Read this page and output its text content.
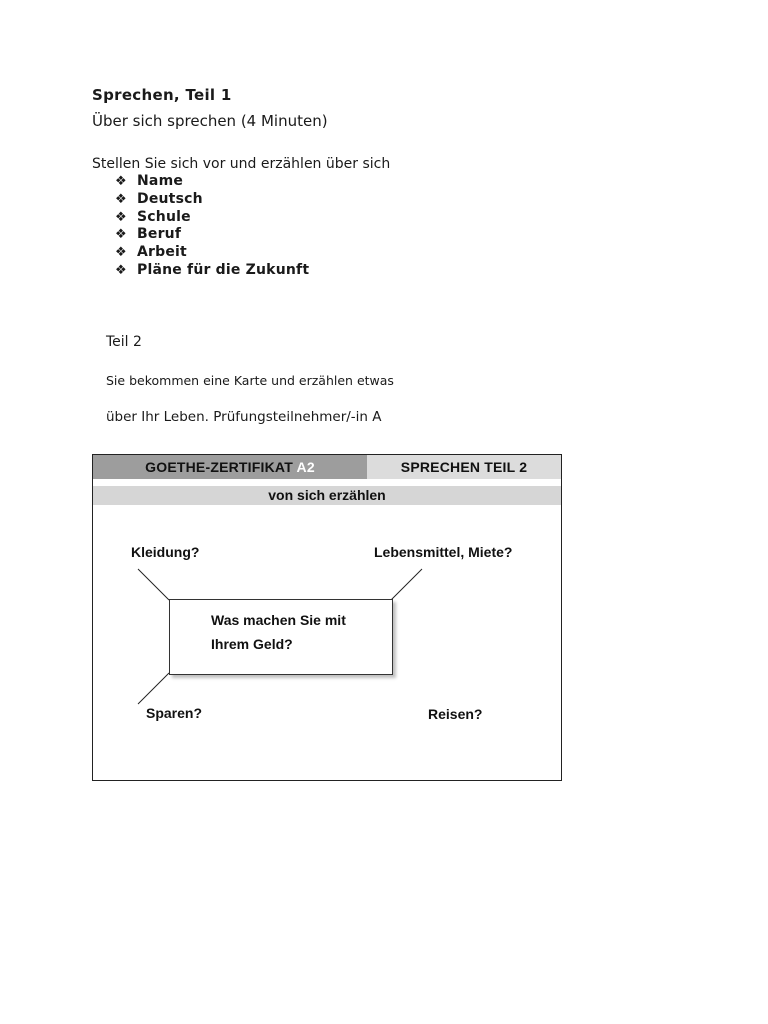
Sprechen, Teil 1
Über sich sprechen (4 Minuten)
Stellen Sie sich vor und erzählen über sich
❖ Name
❖ Deutsch
❖ Schule
❖ Beruf
❖ Arbeit
❖ Pläne für die Zukunft
Teil 2
Sie bekommen eine Karte und erzählen etwas
über Ihr Leben. Prüfungsteilnehmer/-in A
GOETHE-ZERTIFIKAT A2	SPRECHEN TEIL 2
von sich erzählen
Was machen Sie mit Ihrem Geld?
Kleidung?	Lebensmittel, Miete?
Sparen?	Reisen?
